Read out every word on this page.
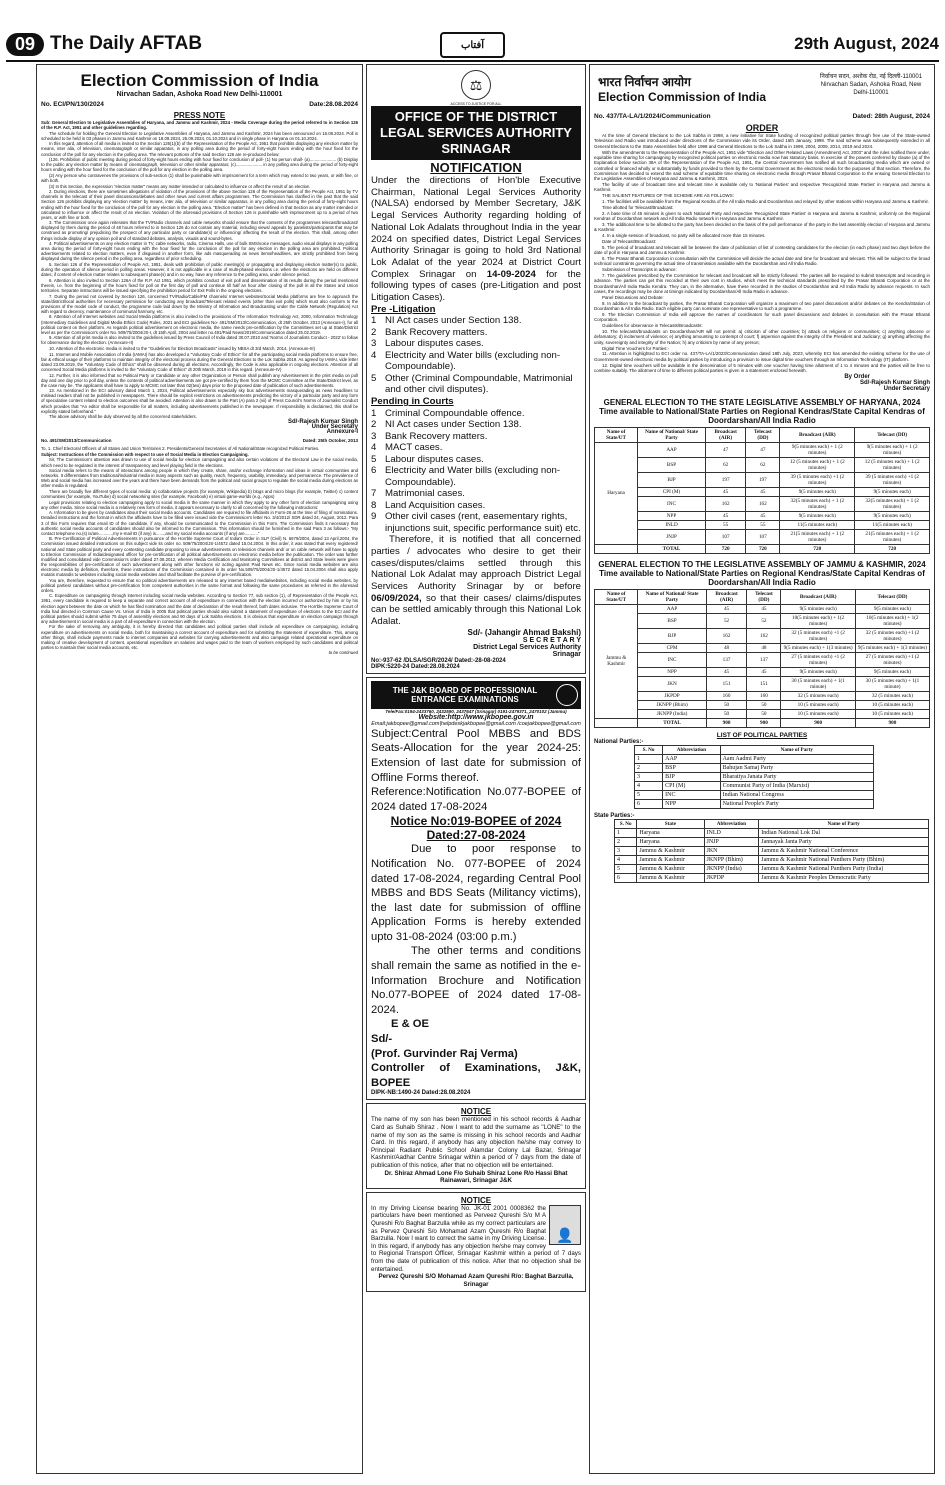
09 The Daily AFTAB	29th August, 2024
آفتاب
Election Commission of India
Nirvachan Sadan, Ashoka Road New Delhi-110001
No. ECI/PN/130/2024	Date:28.08.2024
PRESS NOTE

Sub: General Election to Legislative Assemblies of Haryana, and Jammu and Kashmir, 2024 - Media Coverage during the period referred to in Section 126 of the R.P. Act, 1951 and other guidelines regarding.

The schedule for holding the General Election to Legislative Assemblies of Haryana, and Jammu and Kashmir, 2024 has been announced on 16.08.2024. Poll is scheduled to be held in 03 phases in Jammu and Kashmir on 18.09.2024, 25.09.2024, 01.10.2024 and in single phase in Haryana on 01.10.2024.

In this regard, attention of all media is invited to the Section 126(1)(b) of the Representation of the People Act, 1951 that prohibits displaying any election matter by means, inter alia, of television, cinematograph or similar apparatus, in any polling area during the period of forty-eight hours ending with the hour fixed for the conclusion of the poll for any election in the polling area. The relevant portions of the said Section 126 are re-produced below:

(126. Prohibition of public meeting during period of forty-eight hours ending with hour fixed for conclusion of poll- (1) No person shall- (a)...................... (b) Display to the public any election matter by means of cinematograph, television or other similar apparatus; (c)...................... in any polling area during the period of forty-eight hours ending with the hour fixed for the conclusion of the poll for any election in the polling area.

(2) Any person who contravenes the provisions of sub-section (1) shall be punishable with imprisonment for a term which may extend to two years, or with fine, or with both.

(3) In this Section, the expression "election matter" means any matter intended or calculated to influence or affect the result of an election

2. During elections, there are sometimes allegations of violation of the provisions of the above Section 126 of the Representation of the People Act, 1951 by TV channels in the telecast of their panel discussions/debates and other news and current affairs programmes. The Commission has clarified in the past that the said Section 126 prohibits displaying any 'election matter' by means, inter alia, of television or similar apparatus, in any polling area during the period of forty-eight hours ending with the hour fixed for the conclusion of the poll for any election in the polling area. "Election matter" has been defined in that Section as any matter intended or calculated to influence or affect the result of an election. Violation of the aforesaid provisions of Section 126 is punishable with imprisonment up to a period of two years, or with fine or both.

3. The Commission once again reiterates that the TV/Radio channels and cable networks should ensure that the contents of the programmes telecast/broadcast/ displayed by them during the period of 48 hours referred to in Section 126 do not contain any material, including views/ appeals by panelists/participants that may be construed as promoting/ prejudicing the prospect of any particular party or candidate(s) or influencing/ affecting the result of the election. This shall, among other things include display of any opinion poll and of standard debates, analysis, visuals and sound-bytes.

4. Political advertisements on any election matter in TV, cable networks, radio, Cinema Halls, use of bulk SMS/voice messages, audio visual displays in any polling area during the period of forty-eight hours ending with the hour fixed for the conclusion of the poll for any election in the polling area are prohibited. Political advertisements related to election matters, even if disguised in another form, like ads masquerading as news items/headlines, are strictly prohibited from being displayed during the silence period in the polling area, regardless of prior scheduling.

5. Section 126 of the Representation of People Act, 1951, deals with prohibition of public meeting(s) or propagating and displaying election matter(s) to public, during the operation of silence period in polling areas. However, it is not applicable in a case of multi-phased elections i.e. when the elections are held on different dates, if content of election matter relates to subsequent phase(s) and in no way, have any reference to the polling area, under silence period.

6. Attention is also invited to Section 126A of the R.P. Act 1951, which prohibits conduct of exit poll and dissemination of its results during the period mentioned therein, i.e. from the beginning of the hours fixed for poll on the first day of poll and continue till half an hour after closing of the poll in all the States and Union territories. Separate instructions will be issued specifying the prohibition period for Exit Polls in the ongoing elections.

7. During the period not covered by Section 126, concerned TV/Radio/Cable/FM channels/ Internet websites/Social Media platforms are free to approach the state/district/local authorities for necessary permission for conducting any broadcast/Telecast related events (other than exit polls) which must also conform to the provisions of the model code of conduct, the programme code laid down by the Ministry of Information and Broadcasting under the Cable Network (Regulation) Act with regard to decency, maintenance of communal harmony, etc.

8. Attention of all Internet websites and Social Media platforms is also invited to the provisions of The Information Technology Act, 2000, Information Technology (Intermediary Guidelines and Digital Media Ethics Code) Rules, 2021 and ECI guidelines No- 491/SM/2013/Communication, dt 25th October, 2013 (Annexure-I), for all political content on their platform. As regards political advertisement on electronic media, the same needs pre-certification by the Committees set up at State/District level as per the Commission's order No. 509/75/2004/JS-I, dt 15th April, 2004 and letter no.491/Paid News/2019/Communication dated 25.02.2019.

9. Attention of all print media is also invited to the guidelines issued by Press Council of India dated 30.07.2010 and 'Norms of Journalists Conduct - 2022' to follow for observance during the election. (Annexure-II)

10. Attention of the electronic media is invited to the "Guidelines for Election Broadcasts" issued by NBSA dt 3rd March, 2014. (Annexure-III)

11. Internet and Mobile Association of India (IAMAI) has also developed a "Voluntary Code of Ethics" for all the participating social media platforms to ensure free, fair & ethical usage of their platforms to maintain integrity of the electoral process during the General Elections to the Lok Sabha 2019. As agreed by IAMAI, vide letter dated 23.09.2019, the "Voluntary Code of Ethics" shall be observed during all elections. Accordingly, the Code is also applicable in ongoing elections. Attention of all concerned Social Media platforms is invited to the "Voluntary Code of Ethics" dt 20th March, 2019 in this regard. (Annexure-IV)

12. Further, it is also informed that no Political Party or Candidate or any other Organization or Person shall publish any Advertisement in the print media on poll day and one day prior to poll day, unless the contents of political advertisements are got pre-certified by them from the MCMC Committee at the State/District level, as the case may be. The applicants shall have to apply to MCMC not later than 02(two) days prior to the proposed date of publication of such advertisements.

13. As mentioned in the ECI advisory dated March 1, 2024, Political advertisements especially sky bus advertisements masquerading as news headlines to mislead readers shall not be published in newspapers. There should be explicit restrictions on advertisements predicting the victory of a particular party and any form of speculative content related to election outcomes shall be avoided. Attention is also drawn to the Part (A) para 2 (vii) of Press Council's Norms of Journalist Conduct which provides that "An editor shall be responsible for all matters, including advertisements published in the newspaper. If responsibility is disclaimed, this shall be explicitly stated beforehand."

The above advisory shall be duly observed by all the concerned stakeholders.

Sd/-Rajesh Kumar Singh
Under Secretary
Annexure-I
No. 491/SM/2013/Communication	Dated: 25th October, 2013

To, 1. Chief Electoral Officers of all States and Union Territories 2. Presidents/General Secretaries of All National/State recognized Political Parties.

Subject: Instructions of the Commission with respect to use of Social Media in Election Campaigning.

Sir, The Commission's attention was drawn to use of social media for election campaigning and also certain violations of the Electoral Law in the social media, which need to be regulated in the interest of transparency and level playing field in the elections.

Social media refers to the means of interactions among people in which they create, share, and/or exchange information and ideas in virtual communities and networks. It differentiates from traditional/industrial media in many aspects such as quality, reach, frequency, usability, immediacy, and permanence. The prevalence of Web and social media has increased over the years and there have been demands from the political and social groups to regulate the social media during elections as other media is regulated.

There are broadly five different types of social media: a) collaborative projects (for example, Wikipedia) b) blogs and micro blogs (for example, Twitter) c) content communities (for example, YouTube) d) social networking sites (for example, Facebook) e) virtual game-worlds (e.g., Apps)

Legal provisions relating to election campaigning apply to social media in the same manner in which they apply to any other form of election campaigning using any other media. Since social media is a relatively new form of media, it appears necessary to clarify to all concerned by the following instructions:

A. Information to be given by candidates about their social media accounts. Candidates are required to file affidavits in Form-26 at the time of filing of nominations. Detailed instructions and the format in which the affidavits have to be filled were issued vide the Commission's letter No. 3/4/2012/ SDR dated 24, August, 2012. Para 3 of this Form requires that email ID of the candidate, if any, should be communicated to the Commission in this Form. The Commission finds it necessary that authentic social media accounts of candidates should also be informed to the Commission. This information should be furnished in the said Para 3 as follows:- "My contact telephone no.(s) is/are...........,my e-mail ID (if any) is.......,and my social media accounts (if any) are..........."

B. Pre-Certification of Political Advertisements In pursuance of the Hon'ble Supreme Court of India's Order in SLP (Civil) N. 6679/2004, dated 13 April,2004, the Commission issued detailed instructions on this subject vide its order no. 509/75/2004/JS-1/4572 dated 15.04.2004. In this order, it was stated that every registered/ national and State political party and every contesting candidate proposing to issue advertisements on television channels and/ or on cable network will have to apply to Election Commission of India/designated officer for pre-certification of all political advertisements on electronic media before the publication. The order was further modified and consolidated vide Commission's order dated 27.08.2012, wherein Media Certification and Monitoring Committees at district and State levels were given the responsibilities of pre-certification of such advertisement along with other functions viz acting against Paid News etc. Since social media websites are also electronic media by definition, therefore, these instructions of the Commission contained in its order No.509/75/2004/JS-1/4572 dated 15.04.2004 shall also apply mutatis mutandis to websites including social media websites and shall facilitate the purview of pre-certification.

You are, therefore, requested to ensure that no political advertisements are released to any internet based media/websites, including social media websites, by political parties/ candidates without pre-certification from competent authorities in the same format and following the same procedures as referred in the aforesaid orders.

C. Expenditure on campaigning through internet including social media websites. According to Section 77, sub section (1), of Representation of the People Act, 1951, every candidate is required to keep a separate and correct account of all expenditure in connection with the election incurred or authorized by him or by his election agent between the date on which he has filed nomination and the date of declaration of the result thereof, both dates inclusive. The Hon'ble Supreme Court of India had directed in Common Cause Vs. Union of India in 2005 that political parties should also submit a statement of expenditure of elections to the ECI and the political parties should submit within 75 days of assembly elections and 90 days of Lok Sabha elections. It is obvious that expenditure on election campaign through any advertisement in social media is a part of all expenditure in connection with the election.

For the sake of removing any ambiguity, it is hereby directed that candidates and political parties shall include all expenditure on campaigning, including expenditure on advertisements on social media, both for maintaining a correct account of expenditure and for submitting the statement of expenditure. This, among other things, shall include payments made to internet companies and websites for carrying advertisements and also campaign related operational expenditure on making of creative development of content, operational expenditure on salaries and wages paid to the team of workers employed by such candidates and political parties to maintain their social media accounts, etc.

to be continued
⚖
ACCESS TO JUSTICE FOR ALL
OFFICE OF THE DISTRICT LEGAL SERVICES AUTHORITY SRINAGAR
NOTIFICATION
Under the directions of Hon'ble Executive Chairman, National Legal Services Authority (NALSA) endorsed by Member Secretary, J&K Legal Services Authority regarding holding of National Lok Adalats throughout India in the year 2024 on specified dates, District Legal Services Authority Srinagar is going to hold 3rd National Lok Adalat of the year 2024 at District Court Complex Srinagar on 14-09-2024 for the following types of cases (pre-Litigation and post Litigation Cases).
Pre -Litigation
1 NI Act cases under Section 138.
2 Bank Recovery matters.
3 Labour disputes cases.
4 Electricity and Water bills (excluding non-Compoundable).
5 Other (Criminal Compoundable, Matrimonial and other civil disputes).
Pending in Courts
1 Criminal Compoundable offence.
2 NI Act cases under Section 138.
3 Bank Recovery matters.
4 MACT cases.
5 Labour disputes cases.
6 Electricity and Water bills (excluding non-Compoundable).
7 Matrimonial cases.
8 Land Acquisition cases.
9 Other civil cases (rent, easementary rights, injunctions suit, specific performance suit) etc.
Therefore, it is notified that all concerned parties / advocates who desire to get their cases/disputes/claims settled through this National Lok Adalat may approach District Legal Services Authority Srinagar by or before 06/09/2024, so that their cases/ claims/disputes can be settled amicably through this National Lok Adalat.
Sd/- (Jahangir Ahmad Bakshi)
S E C R E T A R Y
District Legal Services Authority
Srinagar
No:-937-62 /DLSA/SGR/2024/ Dated:-28-08-2024
DIPK:5220-24 Dated:28.08.2024
THE J&K BOARD OF PROFESSIONAL ENTRANCE EXAMINATIONS
Tele/Fax:0194-2433760, 2432590, 2437647 (Srinagar) 0191-2479371, 2470102 (Jammu)
Website:http://www.jkbopee.gov.in
Email:jakbopee@gmail.com|helpdeskjakbopee@gmail.com /coejakbopee@gmail.com
Subject:Central Pool MBBS and BDS Seats-Allocation for the year 2024-25: Extension of last date for submission of Offline Forms thereof.
Reference:Notification No.077-BOPEE of 2024 dated 17-08-2024
Notice No:019-BOPEE of 2024
Dated:27-08-2024
Due to poor response to Notification No. 077-BOPEE of 2024 dated 17-08-2024, regarding Central Pool MBBS and BDS Seats (Militancy victims), the last date for submission of offline Application Forms is hereby extended upto 31-08-2024 (03:00 p.m.)
The other terms and conditions shall remain the same as notified in the e-Information Brochure and Notification No.077-BOPEE of 2024 dated 17-08-2024.
E & OE
Sd/-
(Prof. Gurvinder Raj Verma)
Controller of Examinations, J&K, BOPEE
DIPK-NB:1490-24 Dated:28.08.2024
NOTICE
The name of my son has been mentioned in his school records & Aadhar Card as Suhaib Shiraz . Now I want to add the surname as "LONE" to the name of my son as the same is missing in his school records and Aadhar Card. In this regard, if anybody has any objection he/she may convey to Principal Radiant Public School Alamdar Colony Lal Bazar, Srinagar Kashmir/Aadhar Centre Srinagar within a period of 7 days from the date of publication of this notice, after that no objection will be entertained.
Dr. Shiraz Ahmad Lone F/o Suhaib Shiraz Lone R/o Hassi Bhat Rainawari, Srinagar J&K
NOTICE
👤
In my Driving License bearing No. JK-01 2001 0008362 the particulars have been mentioned as Perveez Qureshi S/o M A Qureshi R/o Baghat Barzulla while as my correct particulars are as Pervez Qureshi S/o Mohamad Azam Qureshi R/o Baghat Barzulla. Now I want to correct the same in my Driving License. In this regard, if anybody has any objection he/she may convey to Regional Transport Officer, Srinagar Kashmir within a period of 7 days from the date of publication of this notice. After that no objection shall be entertained.
Pervez Qureshi S/O Mohamad Azam Qureshi R/o: Baghat Barzulla, Srinagar
भारत निर्वाचन आयोग
Election Commission of India
निर्वाचन सदन, अशोक रोड, नई दिल्ली-110001 Nirvachan Sadan, Ashoka Road, New Delhi-110001
No. 437/TA-LA/1/2024/Communication	Dated: 28th August, 2024
ORDER

At the time of General Elections to the Lok Sabha in 1998, a new initiative for State funding of recognized political parties through free use of the State-owned Television and Radio was introduced under directions of the Commission vide its Order, dated 16th January, 1998. The said scheme was subsequently extended in all General Elections to the State Assemblies held after 1998 and General Elections to the Lok Sabha in 1999, 2004, 2009, 2014, 2019 and 2024.

With the amendments to the Representation of the People Act, 1951 vide "Election and Other Related Laws (Amendment) Act, 2003" and the rules notified there under, equitable time sharing for campaigning by recognized political parties on electronic media now has statutory basis. In exercise of the powers conferred by clause (a) of the Explanation below section 39A of the Representation of the People Act, 1951, the Central Government has notified all such broadcasting media which are owned or controlled or financed wholly or substantially by funds provided to them by the Central Government as the electronic media for the purposes of that section. Therefore, the Commission has decided to extend the said scheme of equitable time sharing on electronic media through Prasar Bharati Corporation to the ensuing General Election to the Legislative Assemblies of Haryana and Jammu & Kashmir, 2024.

The facility of use of broadcast time and telecast time is available only to 'National Parties' and respective 'Recognized State Parties' in Haryana and Jammu & Kashmir.

THE SALIENT FEATURES OF THE SCHEME ARE AS FOLLOWS:

1. The facilities will be available from the Regional Kendra of the All India Radio and Doordarshan and relayed by other stations within Haryana and Jammu & Kashmir.

Time allotted for Telecast/Broadcast:

2. A base time of 45 minutes is given to each National Party and respective 'Recognized State Parties' in Haryana and Jammu & Kashmir, uniformly on the Regional Kendras of Doordarshan network and All India Radio network in Haryana and Jammu & Kashmir.

3. The additional time to be allotted to the party has been decided on the basis of the poll performance of the party in the last assembly election of Haryana and Jammu & Kashmir.

4. In a single session of broadcast, no party will be allocated more than 15 minutes.

Date of Telecast/Broadcast:

5. The period of broadcast and telecast will be between the date of publication of list of contesting candidates for the election (in each phase) and two days before the date of poll in Haryana and Jammu & Kashmir.

6. The Prasar Bharati Corporation in consultation with the Commission will decide the actual date and time for broadcast and telecast. This will be subject to the broad technical constraints governing the actual time of transmission available with the Doordarshan and All India Radio.

Submission of Transcripts in advance:

7. The guidelines prescribed by the Commission for telecast and broadcast will be strictly followed. The parties will be required to submit transcripts and recording in advance. The parties can get this recorded at their own cost in studios, which meet the technical standards prescribed by the Prasar Bharati Corporation or at the Doordarshan/All India Radio Kendra. They can, in the alternative, have these recorded in the studios of Doordarshan and All India Radio by advance requests. In such cases, the recordings may be done at timings indicated by Doordarshan/All India Radio in advance.

Panel Discussions and Debate:

8. In addition to the broadcast by parties, the Prasar Bharati Corporation will organize a maximum of two panel discussions and/or debates on the Kendra/Station of Doordarshan & All India Radio. Each eligible party can nominate one representative to such a programme.

9. The Election Commission of India will approve the names of coordinators for such panel discussions and debates in consultation with the Prasar Bharati Corporation.

Guidelines for observance in Telecasts/Broadcasts:

10. The telecasts/broadcasts on Doordarshan/AIR will not permit: a) criticism of other countries; b) attack on religions or communities; c) anything obscene or defamatory; d) incitement of violence; e) anything amounting to contempt of court; f) aspersion against the integrity of the President and Judiciary; g) anything affecting the unity, sovereignty and integrity of the Nation; h) any criticism by name of any person;

Digital Time Vouchers for Parties:-

11. Attention is highlighted to ECI order no. 437/TA-LA/1/2023/Communication dated 18th July, 2023, whereby ECI has amended the existing scheme for the use of Government-owned electronic media by political parties by introducing a provision to issue digital time vouchers through an Information Technology (IT) platform.

12. Digital time vouchers will be available in the denomination of 5 minutes with one voucher having time allotment of 1 to 4 minutes and the parties will be free to combine suitably. The allotment of time to different political parties is given in a statement enclosed herewith.

By Order
Sd/-Rajesh Kumar Singh
Under Secretary
GENERAL ELECTION TO THE STATE LEGISLATIVE ASSEMBLY OF HARYANA, 2024 Time available to National/State Parties on Regional Kendras/State Capital Kendras of Doordarshan/All India Radio
Name of State/UT	Name of National/ State Party	Broadcast (AIR)	Telecast (DD)	Broadcast (AIR)	Telecast (DD)
Haryana	AAP	47	47	9(5 minutes each) + 1 (2 minutes)	9(5 minutes each) + 1 (2 minutes)
	BSP	62	62	12 (5 minutes each) + 1 (2 minutes)	12 (5 minutes each) + 1 (2 minutes)
	BJP	197	197	39 (5 minutes each) +1 (2 minutes)	39 (5 minutes each) +1 (2 minutes)
	CPI (M)	45	45	9(5 minutes each)	9(5 minutes each)
	INC	162	162	32(5 minutes each) + 1 (2 minutes)	32(5 minutes each) + 1 (2 minutes)
	NPP	45	45	9(5 minutes each)	9(5 minutes each)
	INLD	55	55	11(5 minutes each)	11(5 minutes each)
	JNJP	107	107	21(5 minutes each) + 1 (2 minutes)	21(5 minutes each) + 1 (2 minutes)
	TOTAL	720	720	720	720
GENERAL ELECTION TO THE LEGISLATIVE ASSEMBLY OF JAMMU & KASHMIR, 2024 Time available to National/State Parties on Regional Kendras/State Capital Kendras of Doordarshan/All India Radio
Name of State/UT	Name of National/ State Party	Broadcast (AIR)	Telecast (DD)	Broadcast (AIR)	Telecast (DD)
Jammu & Kashmir	AAP	45	45	9(5 minutes each)	9(5 minutes each)
	BSP	52	52	10(5 minutes each) + 1(2 minutes)	10(5 minutes each) + 1(2 minutes)
	BJP	162	162	32 (5 minutes each) +1 (2 minutes)	32 (5 minutes each) +1 (2 minutes)
	CPM	48	48	9(5 minutes each) + 1(3 minutes)	9(5 minutes each) + 1(3 minutes)
	INC	137	137	27 (5 minutes each) +1 (2 minutes)	27 (5 minutes each) +1 (2 minutes)
	NPP	45	45	9(5 minutes each)	9(5 minutes each)
	JKN	151	151	30 (5 minutes each) + 1(1 minute)	30 (5 minutes each) + 1(1 minute)
	JKPDP	160	160	32 (5 minutes each)	32 (5 minutes each)
	JKNPP (Bhim)	50	50	10 (5 minutes each)	10 (5 minutes each)
	JKNPP (India)	50	50	10 (5 minutes each)	10 (5 minutes each)
	TOTAL	900	900	900	900
LIST OF POLITICAL PARTIES
National Parties:-
S. No	Abbreviation	Name of Party
1	AAP	Aam Aadmi Party
2	BSP	Bahujan Samaj Party
3	BJP	Bharatiya Janata Party
4	CPI (M)	Communist Party of India (Marxist)
5	INC	Indian National Congress
6	NPP	National People's Party
State Parties:-
S. No	State	Abbreviation	Name of Party
1	Haryana	INLD	Indian National Lok Dal
2	Haryana	JNJP	Jannayak Janta Party
3	Jammu & Kashmir	JKN	Jammu & Kashmir National Conference
4	Jammu & Kashmir	JKNPP (Bhim)	Jammu & Kashmir National Panthers Party (Bhim)
5	Jammu & Kashmir	JKNPP (India)	Jammu & Kashmir National Panthers Party (India)
6	Jammu & Kashmir	JKPDP	Jammu & Kashmir Peoples Democratic Party
